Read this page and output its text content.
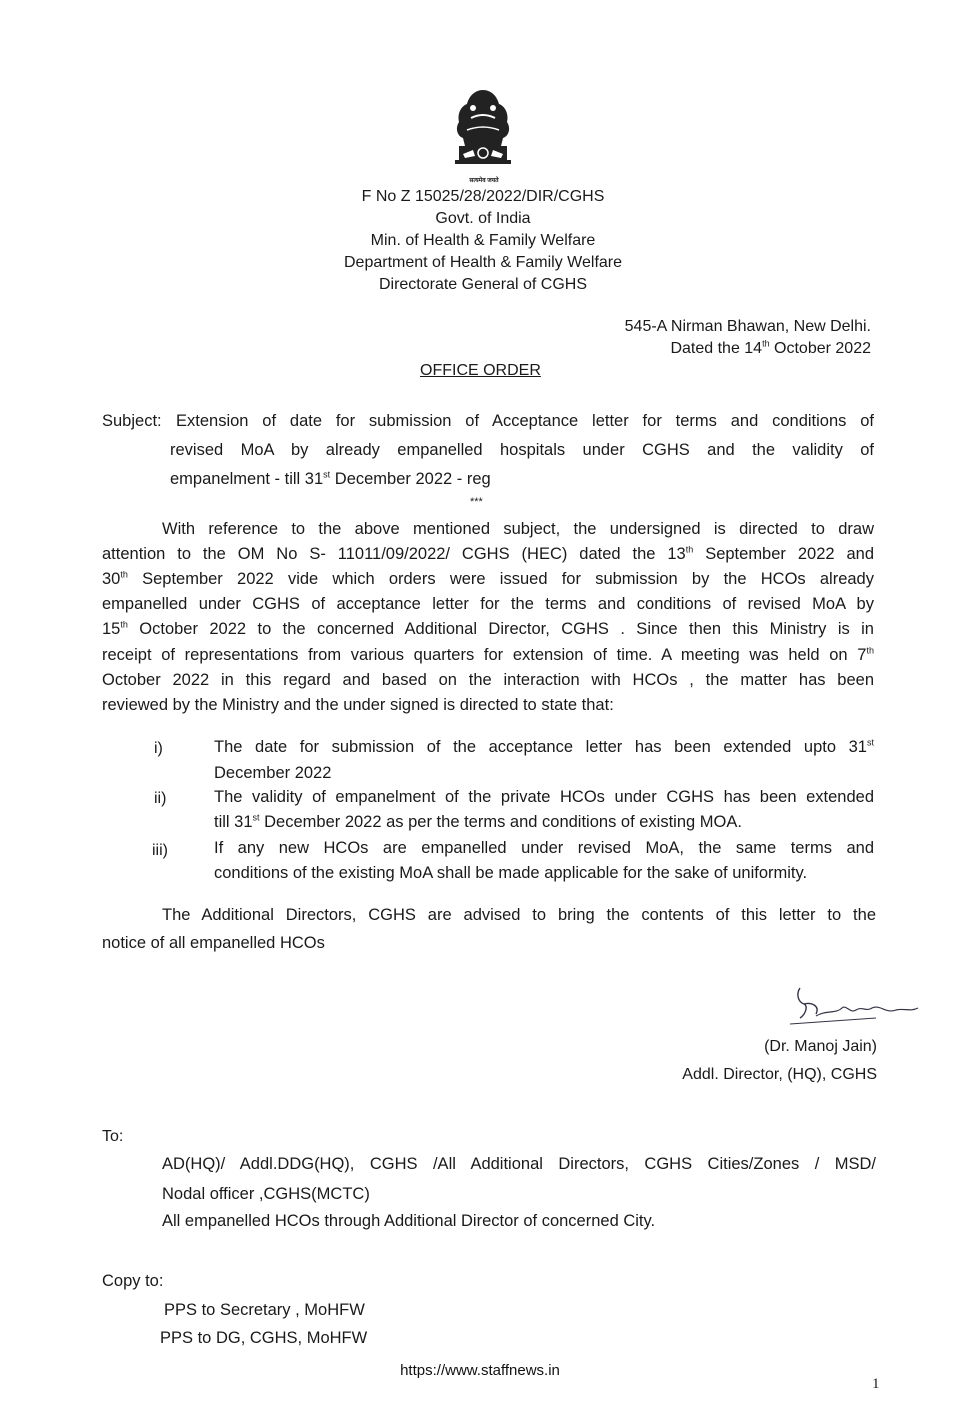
सत्यमेव जयते
F No Z 15025/28/2022/DIR/CGHS
Govt. of India
Min. of Health & Family Welfare
Department of Health & Family Welfare
Directorate General of CGHS
545-A Nirman Bhawan, New Delhi.
Dated the 14th October 2022
OFFICE ORDER
Subject: Extension of date for submission of Acceptance letter for terms and conditions of
revised MoA by already empanelled hospitals under CGHS and the validity of
empanelment - till 31st December 2022 - reg
***
With reference to the above mentioned subject, the undersigned is directed to draw
attention to the OM No S- 11011/09/2022/ CGHS (HEC) dated the 13th September 2022 and
30th September 2022 vide which orders were issued for submission by the HCOs already
empanelled under CGHS of acceptance letter for the terms and conditions of revised MoA by
15th October 2022 to the concerned Additional Director, CGHS . Since then this Ministry is in
receipt of representations from various quarters for extension of time. A meeting was held on 7th
October 2022 in this regard and based on the interaction with HCOs , the matter has been
reviewed by the Ministry and the under signed is directed to state that:
i)	The date for submission of the acceptance letter has been extended upto 31st
December 2022
ii)	The validity of empanelment of the private HCOs under CGHS has been extended
till 31st December 2022 as per the terms and conditions of existing MOA.
iii)	If any new HCOs are empanelled under revised MoA, the same terms and
conditions of the existing MoA shall be made applicable for the sake of uniformity.
The Additional Directors, CGHS are advised to bring the contents of this letter to the
notice of all empanelled HCOs
(Dr. Manoj Jain)
Addl. Director, (HQ), CGHS
To:
AD(HQ)/ Addl.DDG(HQ), CGHS /All Additional Directors, CGHS Cities/Zones / MSD/
Nodal officer ,CGHS(MCTC)
All empanelled HCOs through Additional Director of concerned City.
Copy to:
PPS to Secretary , MoHFW
PPS to DG, CGHS, MoHFW
https://www.staffnews.in
1
